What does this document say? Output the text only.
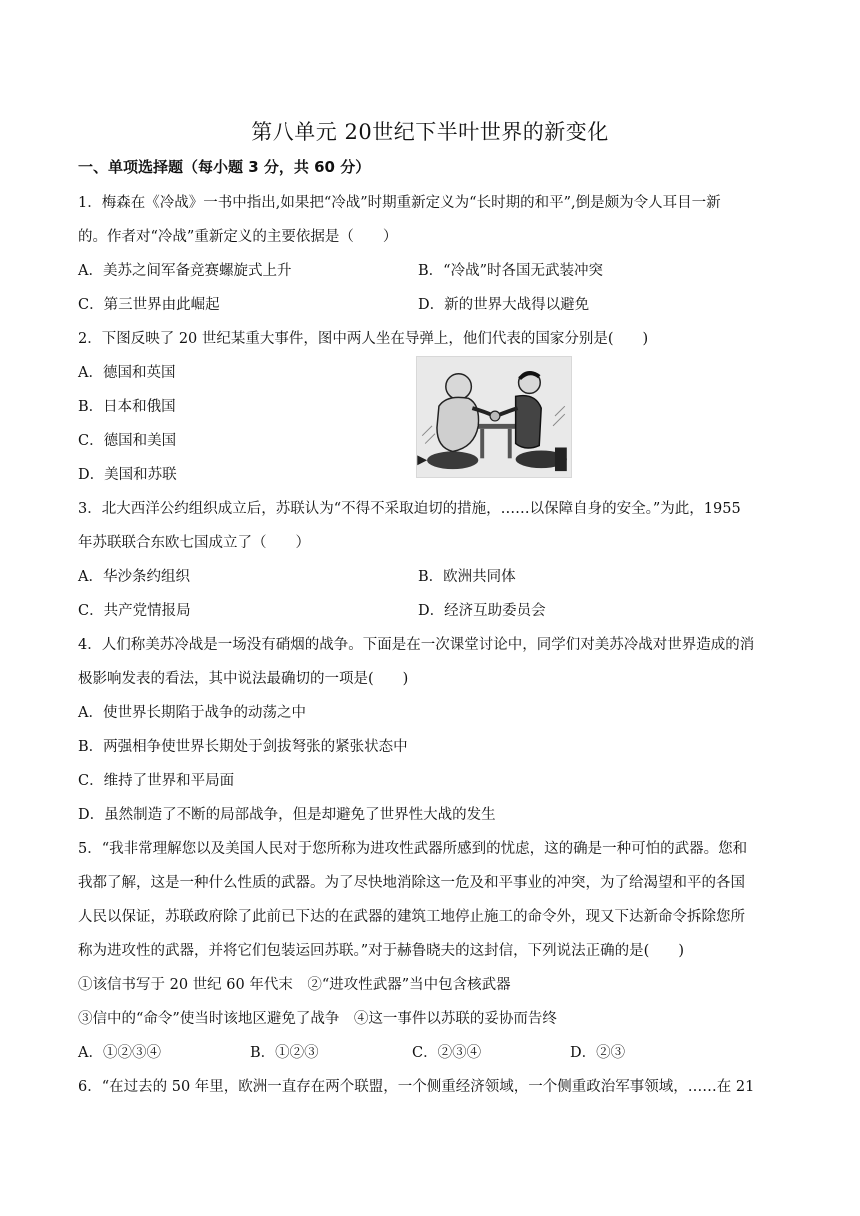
第八单元 20世纪下半叶世界的新变化
一、单项选择题（每小题 3 分，共 60 分）
1．梅森在《冷战》一书中指出,如果把“冷战”时期重新定义为“长时期的和平”,倒是颇为令人耳目一新
的。作者对“冷战”重新定义的主要依据是（　　）
A．美苏之间军备竞赛螺旋式上升	B．“冷战”时各国无武装冲突
C．第三世界由此崛起	D．新的世界大战得以避免
2．下图反映了 20 世纪某重大事件，图中两人坐在导弹上，他们代表的国家分别是(　　)
A．德国和英国
B．日本和俄国
C．德国和美国
D．美国和苏联
3．北大西洋公约组织成立后，苏联认为“不得不采取迫切的措施，……以保障自身的安全。”为此，1955
年苏联联合东欧七国成立了（　　）
A．华沙条约组织	B．欧洲共同体
C．共产党情报局	D．经济互助委员会
4．人们称美苏冷战是一场没有硝烟的战争。下面是在一次课堂讨论中，同学们对美苏冷战对世界造成的消
极影响发表的看法，其中说法最确切的一项是(　　)
A．使世界长期陷于战争的动荡之中
B．两强相争使世界长期处于剑拔弩张的紧张状态中
C．维持了世界和平局面
D．虽然制造了不断的局部战争，但是却避免了世界性大战的发生
5．“我非常理解您以及美国人民对于您所称为进攻性武器所感到的忧虑，这的确是一种可怕的武器。您和
我都了解，这是一种什么性质的武器。为了尽快地消除这一危及和平事业的冲突，为了给渴望和平的各国
人民以保证，苏联政府除了此前已下达的在武器的建筑工地停止施工的命令外，现又下达新命令拆除您所
称为进攻性的武器，并将它们包装运回苏联。”对于赫鲁晓夫的这封信，下列说法正确的是(　　)
①该信书写于 20 世纪 60 年代末　②“进攻性武器”当中包含核武器
③信中的“命令”使当时该地区避免了战争　④这一事件以苏联的妥协而告终
A．①②③④	B．①②③	C．②③④	D．②③
6．“在过去的 50 年里，欧洲一直存在两个联盟，一个侧重经济领域，一个侧重政治军事领域，……在 21
